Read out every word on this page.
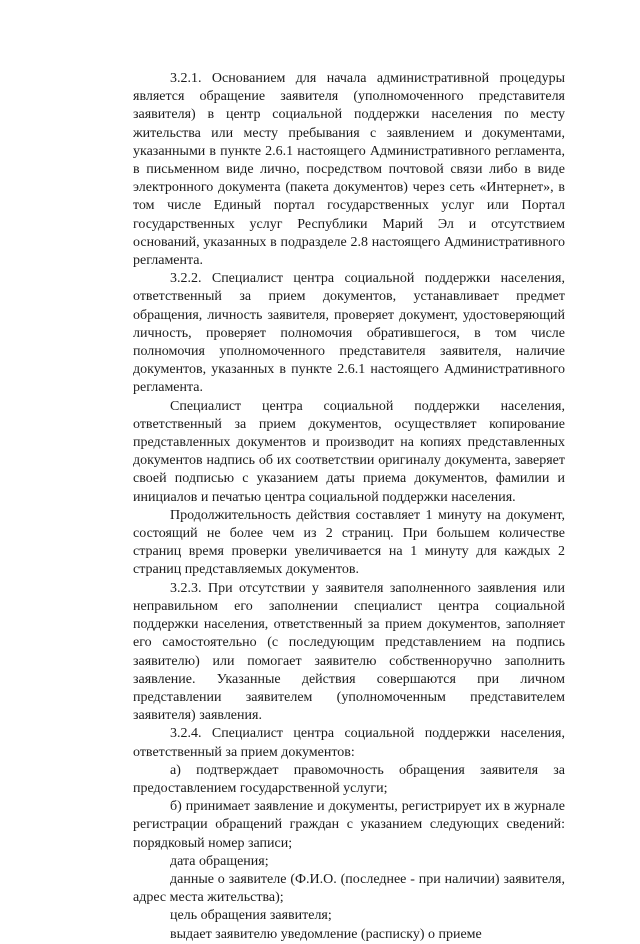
3.2.1. Основанием для начала административной процедуры является обращение заявителя (уполномоченного представителя заявителя) в центр социальной поддержки населения по месту жительства или месту пребывания с заявлением и документами, указанными в пункте 2.6.1 настоящего Административного регламента, в письменном виде лично, посредством почтовой связи либо в виде электронного документа (пакета документов) через сеть «Интернет», в том числе Единый портал государственных услуг или Портал государственных услуг Республики Марий Эл и отсутствием оснований, указанных в подразделе 2.8 настоящего Административного регламента.

3.2.2. Специалист центра социальной поддержки населения, ответственный за прием документов, устанавливает предмет обращения, личность заявителя, проверяет документ, удостоверяющий личность, проверяет полномочия обратившегося, в том числе полномочия уполномоченного представителя заявителя, наличие документов, указанных в пункте 2.6.1 настоящего Административного регламента.

Специалист центра социальной поддержки населения, ответственный за прием документов, осуществляет копирование представленных документов и производит на копиях представленных документов надпись об их соответствии оригиналу документа, заверяет своей подписью с указанием даты приема документов, фамилии и инициалов и печатью центра социальной поддержки населения.

Продолжительность действия составляет 1 минуту на документ, состоящий не более чем из 2 страниц. При большем количестве страниц время проверки увеличивается на 1 минуту для каждых 2 страниц представляемых документов.

3.2.3. При отсутствии у заявителя заполненного заявления или неправильном его заполнении специалист центра социальной поддержки населения, ответственный за прием документов, заполняет его самостоятельно (с последующим представлением на подпись заявителю) или помогает заявителю собственноручно заполнить заявление. Указанные действия совершаются при личном представлении заявителем (уполномоченным представителем заявителя) заявления.

3.2.4. Специалист центра социальной поддержки населения, ответственный за прием документов:

а) подтверждает правомочность обращения заявителя за предоставлением государственной услуги;

б) принимает заявление и документы, регистрирует их в журнале регистрации обращений граждан с указанием следующих сведений: порядковый номер записи;

дата обращения;

данные о заявителе (Ф.И.О. (последнее - при наличии) заявителя, адрес места жительства);

цель обращения заявителя;

выдает заявителю уведомление (расписку) о приеме
